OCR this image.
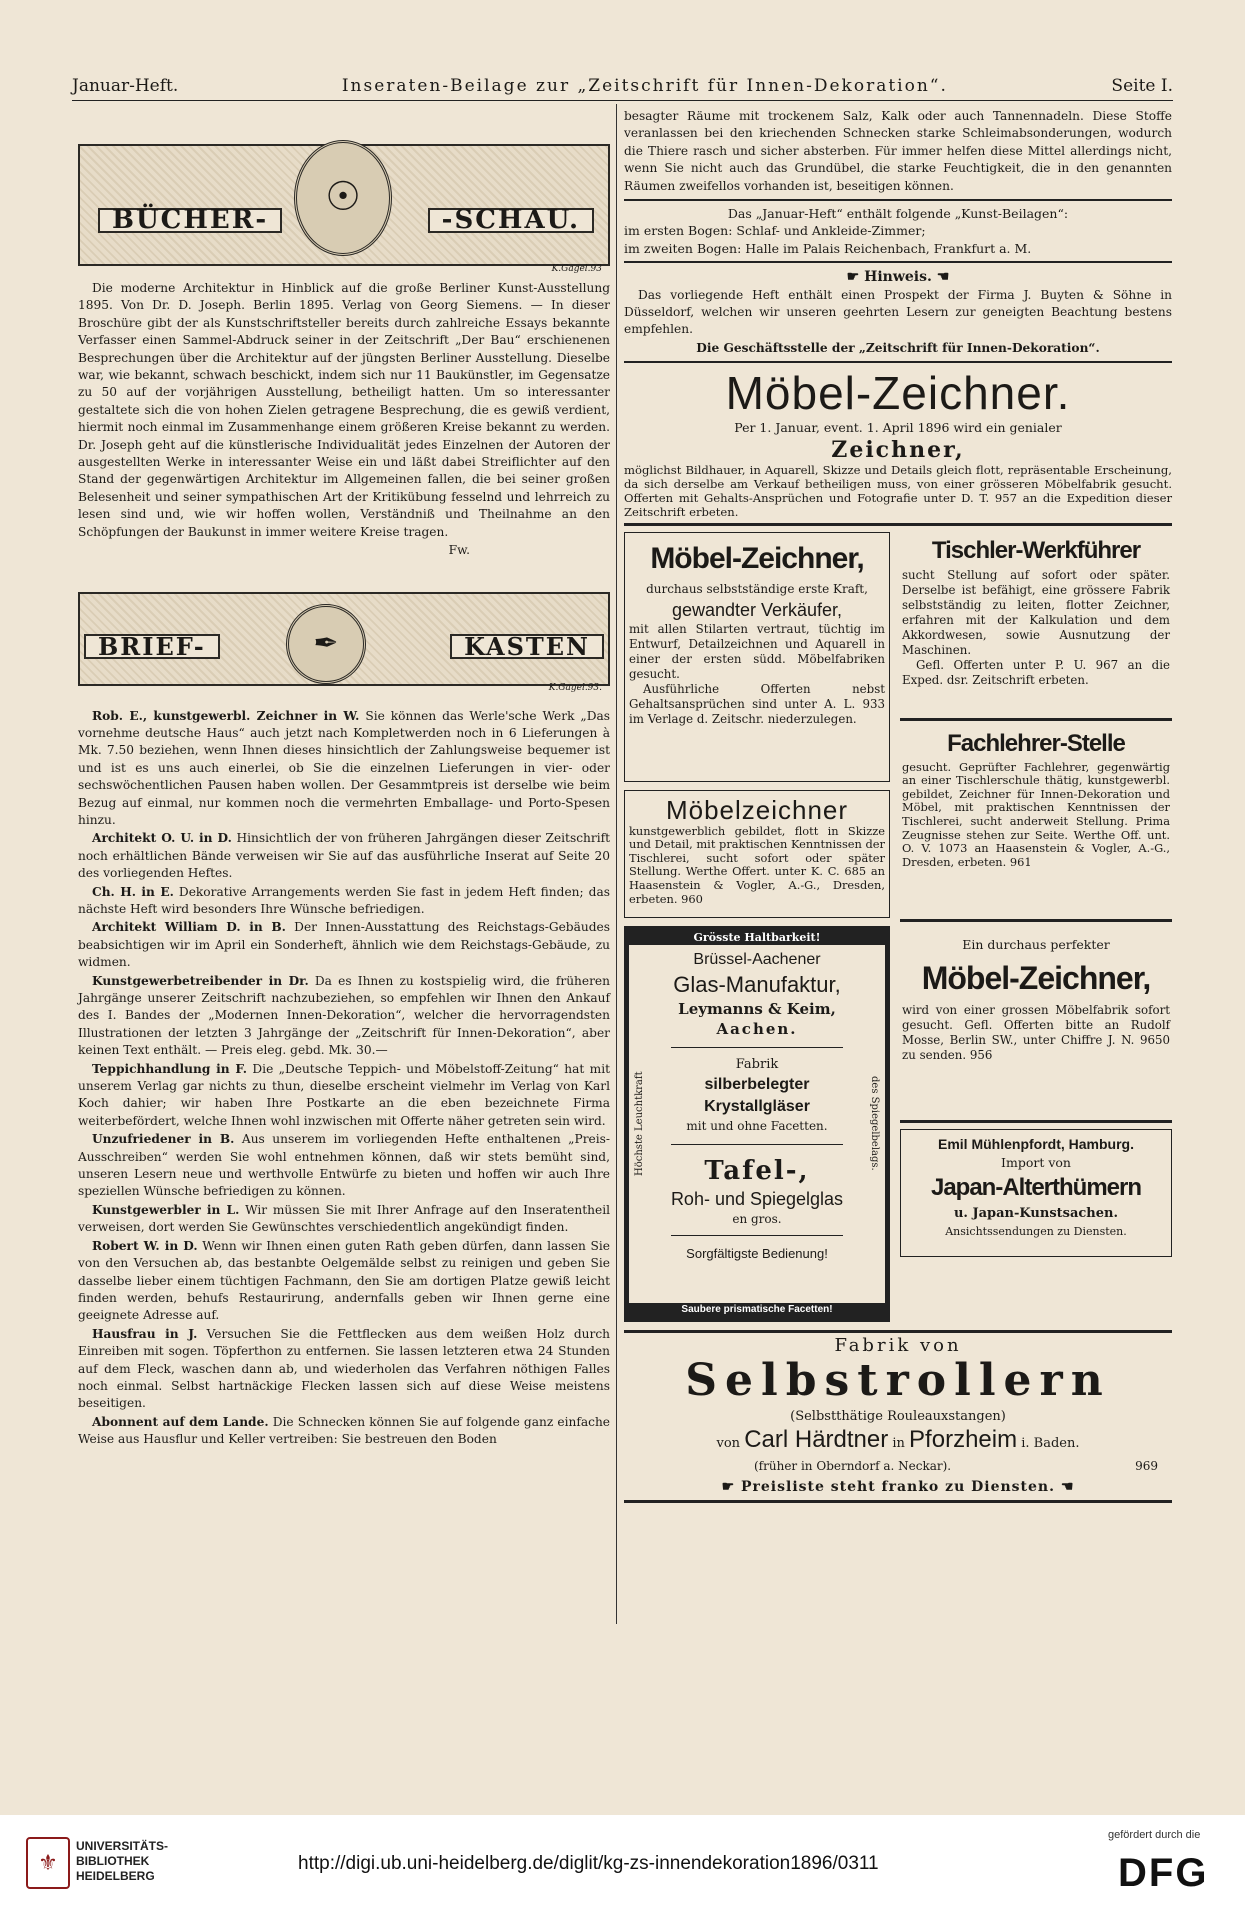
Januar-Heft.	Inseraten-Beilage zur „Zeitschrift für Innen-Dekoration“.	Seite I.
BÜCHER-	-SCHAU.
☉
K.Gagel.93

Die moderne Architektur in Hinblick auf die große Berliner Kunst-Ausstellung 1895. Von Dr. D. Joseph. Berlin 1895. Verlag von Georg Siemens. — In dieser Broschüre gibt der als Kunstschriftsteller bereits durch zahlreiche Essays bekannte Verfasser einen Sammel-Abdruck seiner in der Zeitschrift „Der Bau“ erschienenen Besprechungen über die Architektur auf der jüngsten Berliner Ausstellung. Dieselbe war, wie bekannt, schwach beschickt, indem sich nur 11 Baukünstler, im Gegensatze zu 50 auf der vorjährigen Ausstellung, betheiligt hatten. Um so interessanter gestaltete sich die von hohen Zielen getragene Besprechung, die es gewiß verdient, hiermit noch einmal im Zusammenhange einem größeren Kreise bekannt zu werden. Dr. Joseph geht auf die künstlerische Individualität jedes Einzelnen der Autoren der ausgestellten Werke in interessanter Weise ein und läßt dabei Streiflichter auf den Stand der gegenwärtigen Architektur im Allgemeinen fallen, die bei seiner großen Belesenheit und seiner sympathischen Art der Kritikübung fesselnd und lehrreich zu lesen sind und, wie wir hoffen wollen, Verständniß und Theilnahme an den Schöpfungen der Baukunst in immer weitere Kreise tragen.

Fw.
BRIEF-	KASTEN
✒
K.Gagel.93.

Rob. E., kunstgewerbl. Zeichner in W. Sie können das Werle'sche Werk „Das vornehme deutsche Haus“ auch jetzt nach Kompletwerden noch in 6 Lieferungen à Mk. 7.50 beziehen, wenn Ihnen dieses hinsichtlich der Zahlungsweise bequemer ist und ist es uns auch einerlei, ob Sie die einzelnen Lieferungen in vier- oder sechswöchentlichen Pausen haben wollen. Der Gesammtpreis ist derselbe wie beim Bezug auf einmal, nur kommen noch die vermehrten Emballage- und Porto-Spesen hinzu.

Architekt O. U. in D. Hinsichtlich der von früheren Jahrgängen dieser Zeitschrift noch erhältlichen Bände verweisen wir Sie auf das ausführliche Inserat auf Seite 20 des vorliegenden Heftes.

Ch. H. in E. Dekorative Arrangements werden Sie fast in jedem Heft finden; das nächste Heft wird besonders Ihre Wünsche befriedigen.

Architekt William D. in B. Der Innen-Ausstattung des Reichstags-Gebäudes beabsichtigen wir im April ein Sonderheft, ähnlich wie dem Reichstags-Gebäude, zu widmen.

Kunstgewerbetreibender in Dr. Da es Ihnen zu kostspielig wird, die früheren Jahrgänge unserer Zeitschrift nachzubeziehen, so empfehlen wir Ihnen den Ankauf des I. Bandes der „Modernen Innen-Dekoration“, welcher die hervorragendsten Illustrationen der letzten 3 Jahrgänge der „Zeitschrift für Innen-Dekoration“, aber keinen Text enthält. — Preis eleg. gebd. Mk. 30.—

Teppichhandlung in F. Die „Deutsche Teppich- und Möbelstoff-Zeitung“ hat mit unserem Verlag gar nichts zu thun, dieselbe erscheint vielmehr im Verlag von Karl Koch dahier; wir haben Ihre Postkarte an die eben bezeichnete Firma weiterbefördert, welche Ihnen wohl inzwischen mit Offerte näher getreten sein wird.

Unzufriedener in B. Aus unserem im vorliegenden Hefte enthaltenen „Preis-Ausschreiben“ werden Sie wohl entnehmen können, daß wir stets bemüht sind, unseren Lesern neue und werthvolle Entwürfe zu bieten und hoffen wir auch Ihre speziellen Wünsche befriedigen zu können.

Kunstgewerbler in L. Wir müssen Sie mit Ihrer Anfrage auf den Inseratentheil verweisen, dort werden Sie Gewünschtes verschiedentlich angekündigt finden.

Robert W. in D. Wenn wir Ihnen einen guten Rath geben dürfen, dann lassen Sie von den Versuchen ab, das bestanbte Oelgemälde selbst zu reinigen und geben Sie dasselbe lieber einem tüchtigen Fachmann, den Sie am dortigen Platze gewiß leicht finden werden, behufs Restaurirung, andernfalls geben wir Ihnen gerne eine geeignete Adresse auf.

Hausfrau in J. Versuchen Sie die Fettflecken aus dem weißen Holz durch Einreiben mit sogen. Töpferthon zu entfernen. Sie lassen letzteren etwa 24 Stunden auf dem Fleck, waschen dann ab, und wiederholen das Verfahren nöthigen Falles noch einmal. Selbst hartnäckige Flecken lassen sich auf diese Weise meistens beseitigen.

Abonnent auf dem Lande. Die Schnecken können Sie auf folgende ganz einfache Weise aus Hausflur und Keller vertreiben: Sie bestreuen den Boden

besagter Räume mit trockenem Salz, Kalk oder auch Tannennadeln. Diese Stoffe veranlassen bei den kriechenden Schnecken starke Schleimabsonderungen, wodurch die Thiere rasch und sicher absterben. Für immer helfen diese Mittel allerdings nicht, wenn Sie nicht auch das Grundübel, die starke Feuchtigkeit, die in den genannten Räumen zweifellos vorhanden ist, beseitigen können.

Das „Januar-Heft“ enthält folgende „Kunst-Beilagen“:
im ersten Bogen: Schlaf- und Ankleide-Zimmer;
im zweiten Bogen: Halle im Palais Reichenbach, Frankfurt a. M.
☛ Hinweis. ☚

Das vorliegende Heft enthält einen Prospekt der Firma J. Buyten & Söhne in Düsseldorf, welchen wir unseren geehrten Lesern zur geneigten Beachtung bestens empfehlen.

Die Geschäftsstelle der „Zeitschrift für Innen-Dekoration“.
Möbel-Zeichner.
Per 1. Januar, event. 1. April 1896 wird ein genialer
Zeichner,

möglichst Bildhauer, in Aquarell, Skizze und Details gleich flott, repräsentable Erscheinung, da sich derselbe am Verkauf betheiligen muss, von einer grösseren Möbelfabrik gesucht. Offerten mit Gehalts-Ansprüchen und Fotografie unter D. T. 957 an die Expedition dieser Zeitschrift erbeten.

Möbel-Zeichner,
durchaus selbstständige erste Kraft,
gewandter Verkäufer,
mit allen Stilarten vertraut, tüchtig im Entwurf, Detailzeichnen und Aquarell in einer der ersten südd. Möbelfabriken gesucht.
Ausführliche Offerten nebst Gehaltsansprüchen sind unter A. L. 933 im Verlage d. Zeitschr. niederzulegen.
Möbelzeichner
kunstgewerblich gebildet, flott in Skizze und Detail, mit praktischen Kenntnissen der Tischlerei, sucht sofort oder später Stellung. Werthe Offert. unter K. C. 685 an Haasenstein & Vogler, A.-G., Dresden, erbeten. 960
Grösste Haltbarkeit!
Höchste Leuchtkraft	des Spiegelbelags.
Brüssel-Aachener
Glas-Manufaktur,
Leymanns & Keim,
Aachen.
Fabrik
silberbelegter Krystallgläser
mit und ohne Facetten.
Tafel-,
Roh- und Spiegelglas
en gros.
Sorgfältigste Bedienung!
Saubere prismatische Facetten!
Tischler-Werkführer
sucht Stellung auf sofort oder später. Derselbe ist befähigt, eine grössere Fabrik selbstständig zu leiten, flotter Zeichner, erfahren mit der Kalkulation und dem Akkordwesen, sowie Ausnutzung der Maschinen.
Gefl. Offerten unter P. U. 967 an die Exped. dsr. Zeitschrift erbeten.
Fachlehrer-Stelle
gesucht. Geprüfter Fachlehrer, gegenwärtig an einer Tischlerschule thätig, kunstgewerbl. gebildet, Zeichner für Innen-Dekoration und Möbel, mit praktischen Kenntnissen der Tischlerei, sucht anderweit Stellung. Prima Zeugnisse stehen zur Seite. Werthe Off. unt. O. V. 1073 an Haasenstein & Vogler, A.-G., Dresden, erbeten. 961
Ein durchaus perfekter
Möbel-Zeichner,
wird von einer grossen Möbelfabrik sofort gesucht. Gefl. Offerten bitte an Rudolf Mosse, Berlin SW., unter Chiffre J. N. 9650 zu senden. 956
Emil Mühlenpfordt, Hamburg.
Import von
Japan-Alterthümern
u. Japan-Kunstsachen.
Ansichtssendungen zu Diensten.
Fabrik von
Selbstrollern
(Selbstthätige Rouleauxstangen)
von Carl Härdtner in Pforzheim i. Baden.
(früher in Oberndorf a. Neckar).	969
☛ Preisliste steht franko zu Diensten. ☚
⚜
UNIVERSITÄTS-
BIBLIOTHEK
HEIDELBERG
http://digi.ub.uni-heidelberg.de/diglit/kg-zs-innendekoration1896/0311
gefördert durch die
DFG
